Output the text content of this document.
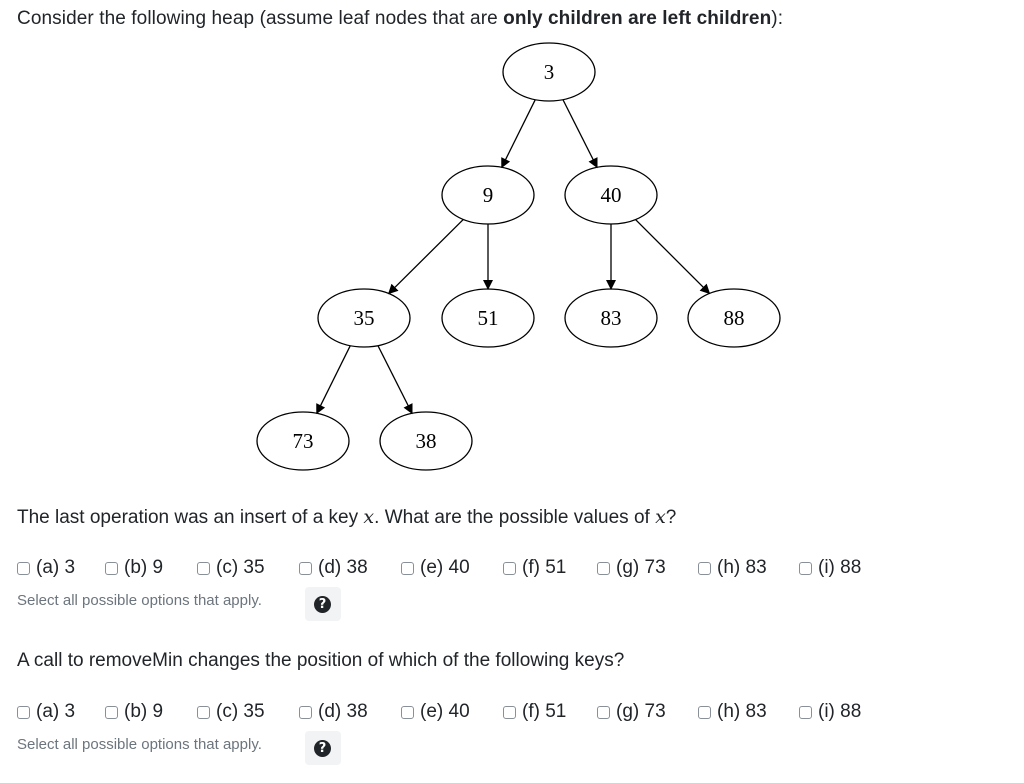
Consider the following heap (assume leaf nodes that are only children are left children):
3
9	40
35	51	83	88
73	38
The last operation was an insert of a key x. What are the possible values of x?
(a) 3	(b) 9	(c) 35	(d) 38	(e) 40	(f) 51	(g) 73	(h) 83	(i) 88
Select all possible options that apply.	?
A call to removeMin changes the position of which of the following keys?
(a) 3	(b) 9	(c) 35	(d) 38	(e) 40	(f) 51	(g) 73	(h) 83	(i) 88
Select all possible options that apply.	?
